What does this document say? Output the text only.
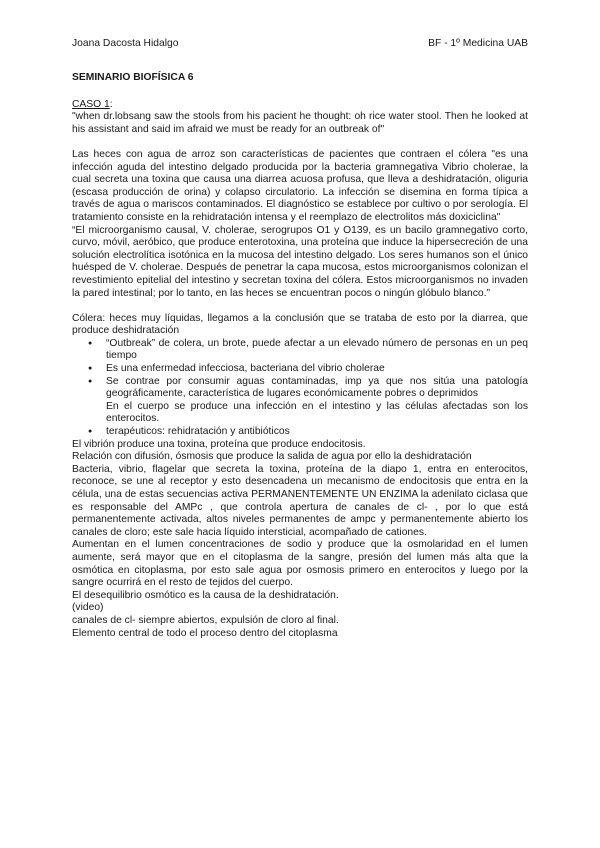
Joana Dacosta Hidalgo	BF - 1º Medicina UAB
SEMINARIO BIOFÍSICA 6
CASO 1:

"when dr.lobsang saw the stools from his pacient he thought: oh rice water stool. Then he looked at his assistant and said im afraid we must be ready for an outbreak of"

Las heces con agua de arroz son características de pacientes que contraen el cólera "es una infección aguda del intestino delgado producida por la bacteria gramnegativa Vibrio cholerae, la cual secreta una toxina que causa una diarrea acuosa profusa, que lleva a deshidratación, oliguria (escasa producción de orina) y colapso circulatorio. La infección se disemina en forma típica a través de agua o mariscos contaminados. El diagnóstico se establece por cultivo o por serología. El tratamiento consiste en la rehidratación intensa y el reemplazo de electrolitos más doxiciclina"

“El microorganismo causal, V. cholerae, serogrupos O1 y O139, es un bacilo gramnegativo corto, curvo, móvil, aeróbico, que produce enterotoxina, una proteína que induce la hipersecreción de una solución electrolítica isotónica en la mucosa del intestino delgado. Los seres humanos son el único huésped de V. cholerae. Después de penetrar la capa mucosa, estos microorganismos colonizan el revestimiento epitelial del intestino y secretan toxina del cólera. Estos microorganismos no invaden la pared intestinal; por lo tanto, en las heces se encuentran pocos o ningún glóbulo blanco.”

Cólera: heces muy líquidas, llegamos a la conclusión que se trataba de esto por la diarrea, que produce deshidratación

● “Outbreak” de colera, un brote, puede afectar a un elevado número de personas en un peq tiempo
● Es una enfermedad infecciosa, bacteriana del vibrio cholerae
● Se contrae por consumir aguas contaminadas, imp ya que nos sitúa una patología geográficamente, característica de lugares económicamente pobres o deprimidos
En el cuerpo se produce una infección en el intestino y las células afectadas son los enterocitos.
● terapéuticos: rehidratación y antibióticos

El vibrión produce una toxina, proteína que produce endocitosis.

Relación con difusión, ósmosis que produce la salida de agua por ello la deshidratación

Bacteria, vibrio, flagelar que secreta la toxina, proteína de la diapo 1, entra en enterocitos, reconoce, se une al receptor y esto desencadena un mecanismo de endocitosis que entra en la célula, una de estas secuencias activa PERMANENTEMENTE UN ENZIMA la adenilato ciclasa que es responsable del AMPc , que controla apertura de canales de cl- , por lo que está permanentemente activada, altos niveles permanentes de ampc y permanentemente abierto los canales de cloro; este sale hacia líquido intersticial, acompañado de cationes.

Aumentan en el lumen concentraciones de sodio y produce que la osmolaridad en el lumen aumente, será mayor que en el citoplasma de la sangre, presión del lumen más alta que la osmótica en citoplasma, por esto sale agua por osmosis primero en enterocitos y luego por la sangre ocurrirá en el resto de tejidos del cuerpo.

El desequilibrio osmótico es la causa de la deshidratación.

(video)

canales de cl- siempre abiertos, expulsión de cloro al final.

Elemento central de todo el proceso dentro del citoplasma
